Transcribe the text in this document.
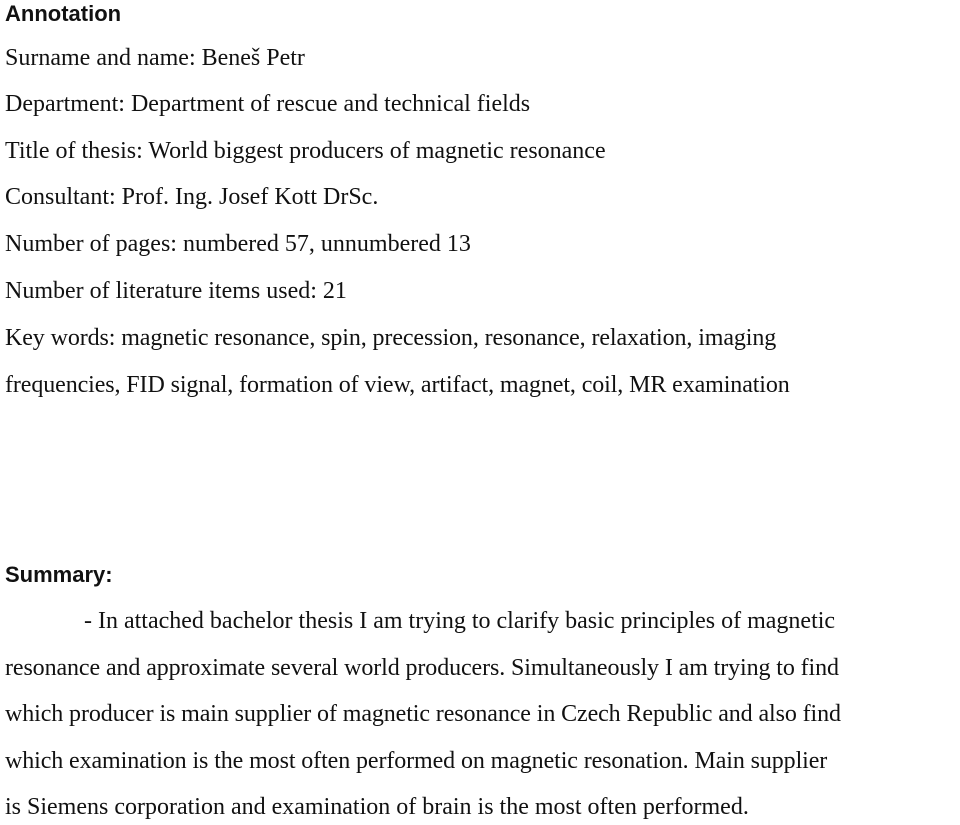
Annotation
Surname and name: Beneš Petr
Department: Department of rescue and technical fields
Title of thesis: World biggest producers of magnetic resonance
Consultant: Prof. Ing. Josef Kott DrSc.
Number of pages: numbered 57, unnumbered 13
Number of literature items used: 21
Key words: magnetic resonance, spin, precession, resonance, relaxation, imaging
frequencies, FID signal, formation of view, artifact, magnet, coil, MR examination
Summary:
- In attached bachelor thesis I am trying to clarify basic principles of magnetic
resonance and approximate several world producers. Simultaneously I am trying to find
which producer is main supplier of magnetic resonance in Czech Republic and also find
which examination is the most often performed on magnetic resonation. Main supplier
is Siemens corporation and examination of brain is the most often performed.
